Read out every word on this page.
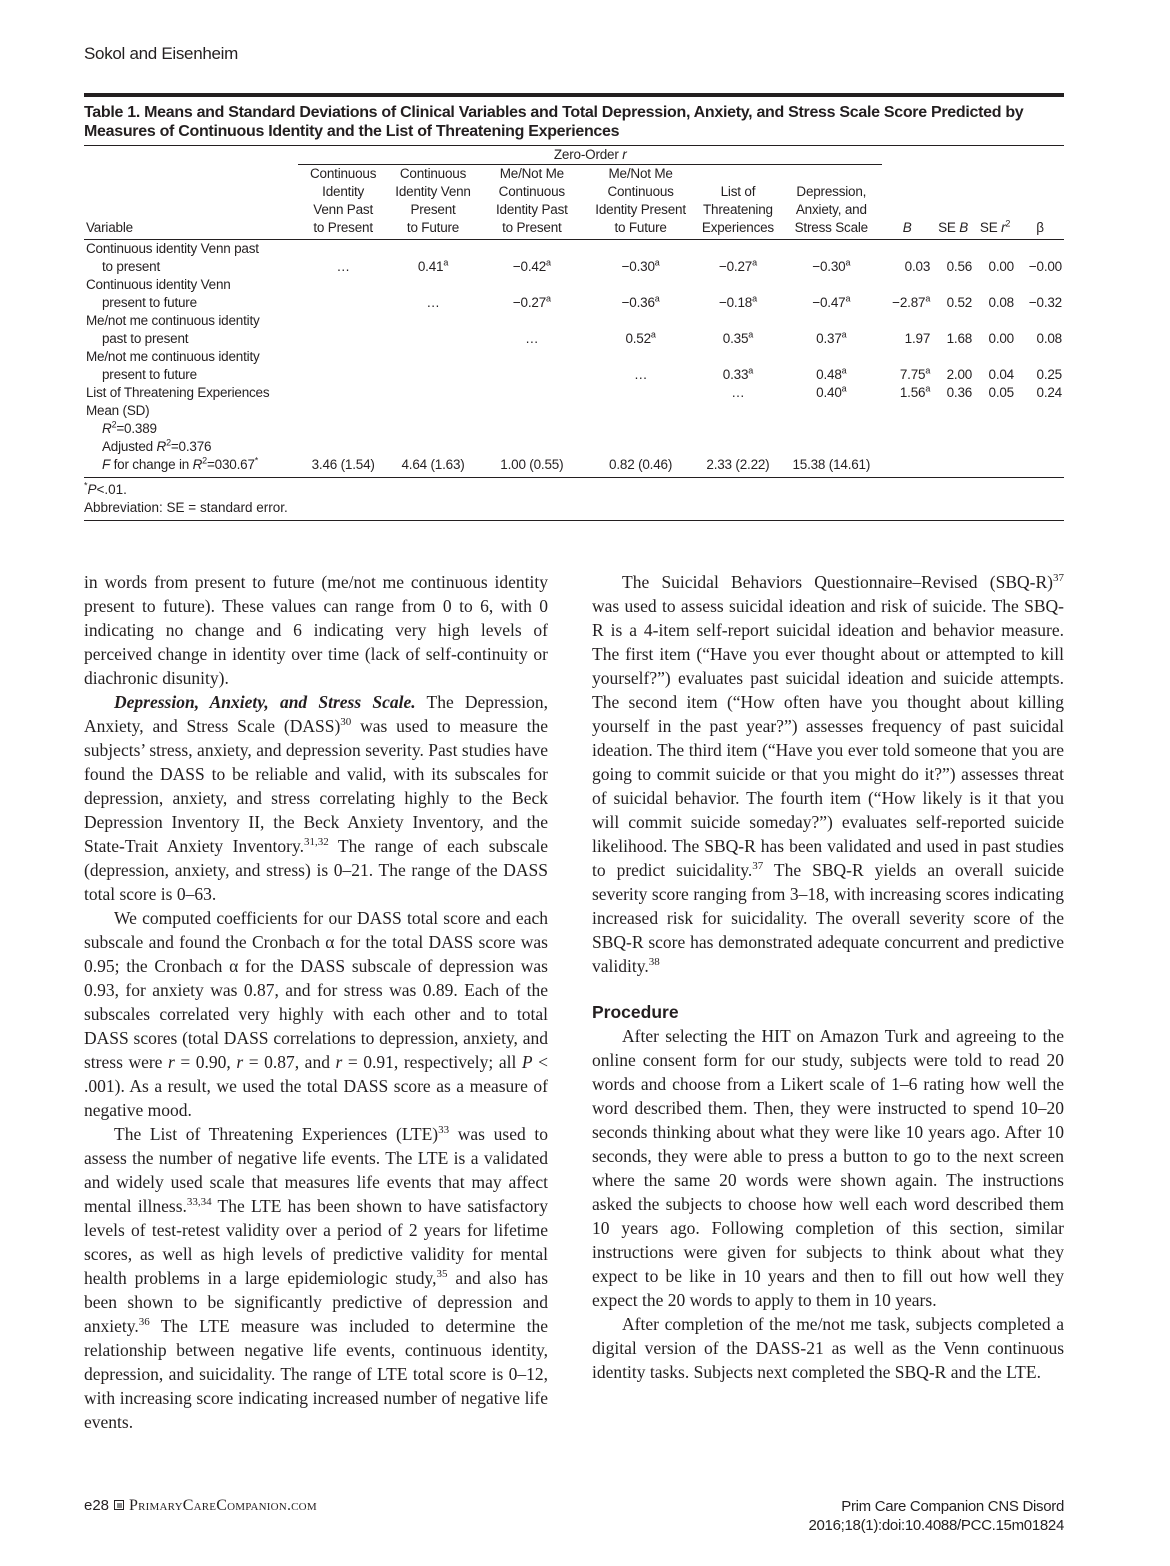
Sokol and Eisenheim
Table 1. Means and Standard Deviations of Clinical Variables and Total Depression, Anxiety, and Stress Scale Score Predicted by Measures of Continuous Identity and the List of Threatening Experiences
	Zero-Order r									
Variable	Continuous
Identity
Venn Past
to Present	Continuous
Identity Venn
Present
to Future	Me/Not Me
Continuous
Identity Past
to Present	Me/Not Me
Continuous
Identity Present
to Future	List of
Threatening
Experiences	Depression,
Anxiety, and
Stress Scale	B	SE B	SE $r^2$	β
Continuous identity Venn past
to present	…	0.41$^a$	−0.42$^a$	−0.30$^a$	−0.27$^a$	−0.30$^a$	0.03	0.56	0.00	−0.00
Continuous identity Venn
present to future		…	−0.27$^a$	−0.36$^a$	−0.18$^a$	−0.47$^a$	−2.87$^a$	0.52	0.08	−0.32
Me/not me continuous identity
past to present			…	0.52$^a$	0.35$^a$	0.37$^a$	1.97	1.68	0.00	0.08
Me/not me continuous identity
present to future				…	0.33$^a$	0.48$^a$	7.75$^a$	2.00	0.04	0.25
List of Threatening Experiences					…	0.40$^a$	1.56$^a$	0.36	0.05	0.24
Mean (SD)
$R^2=0.389$
Adjusted $R^2=0.376$
F for change in $R^2=030.67^*$	3.46 (1.54)	4.64 (1.63)	1.00 (0.55)	0.82 (0.46)	2.33 (2.22)	15.38 (14.61)				
*P<.01.
Abbreviation: SE = standard error.

in words from present to future (me/not me continuous identity present to future). These values can range from 0 to 6, with 0 indicating no change and 6 indicating very high levels of perceived change in identity over time (lack of self-continuity or diachronic disunity).

Depression, Anxiety, and Stress Scale. The Depression, Anxiety, and Stress Scale (DASS)$^{30}$ was used to measure the subjects’ stress, anxiety, and depression severity. Past studies have found the DASS to be reliable and valid, with its subscales for depression, anxiety, and stress correlating highly to the Beck Depression Inventory II, the Beck Anxiety Inventory, and the State-Trait Anxiety Inventory.$^{31,32}$ The range of each subscale (depression, anxiety, and stress) is 0–21. The range of the DASS total score is 0–63.

We computed coefficients for our DASS total score and each subscale and found the Cronbach α for the total DASS score was 0.95; the Cronbach α for the DASS subscale of depression was 0.93, for anxiety was 0.87, and for stress was 0.89. Each of the subscales correlated very highly with each other and to total DASS scores (total DASS correlations to depression, anxiety, and stress were r = 0.90, r = 0.87, and r = 0.91, respectively; all P < .001). As a result, we used the total DASS score as a measure of negative mood.

The List of Threatening Experiences (LTE)$^{33}$ was used to assess the number of negative life events. The LTE is a validated and widely used scale that measures life events that may affect mental illness.$^{33,34}$ The LTE has been shown to have satisfactory levels of test-retest validity over a period of 2 years for lifetime scores, as well as high levels of predictive validity for mental health problems in a large epidemiologic study,$^{35}$ and also has been shown to be significantly predictive of depression and anxiety.$^{36}$ The LTE measure was included to determine the relationship between negative life events, continuous identity, depression, and suicidality. The range of LTE total score is 0–12, with increasing score indicating increased number of negative life events.

The Suicidal Behaviors Questionnaire–Revised $(SBQ-R)^{37}$ was used to assess suicidal ideation and risk of suicide. The SBQ-R is a 4-item self-report suicidal ideation and behavior measure. The first item (“Have you ever thought about or attempted to kill yourself?”) evaluates past suicidal ideation and suicide attempts. The second item (“How often have you thought about killing yourself in the past year?”) assesses frequency of past suicidal ideation. The third item (“Have you ever told someone that you are going to commit suicide or that you might do it?”) assesses threat of suicidal behavior. The fourth item (“How likely is it that you will commit suicide someday?”) evaluates self-reported suicide likelihood. The SBQ-R has been validated and used in past studies to predict suicidality.$^{37}$ The SBQ-R yields an overall suicide severity score ranging from 3–18, with increasing scores indicating increased risk for suicidality. The overall severity score of the SBQ-R score has demonstrated adequate concurrent and predictive validity.$^{38}$

Procedure

After selecting the HIT on Amazon Turk and agreeing to the online consent form for our study, subjects were told to read 20 words and choose from a Likert scale of 1–6 rating how well the word described them. Then, they were instructed to spend 10–20 seconds thinking about what they were like 10 years ago. After 10 seconds, they were able to press a button to go to the next screen where the same 20 words were shown again. The instructions asked the subjects to choose how well each word described them 10 years ago. Following completion of this section, similar instructions were given for subjects to think about what they expect to be like in 10 years and then to fill out how well they expect the 20 words to apply to them in 10 years.

After completion of the me/not me task, subjects completed a digital version of the DASS-21 as well as the Venn continuous identity tasks. Subjects next completed the SBQ-R and the LTE.

e28 PrimaryCareCompanion.com	Prim Care Companion CNS Disord
2016;18(1):doi:10.4088/PCC.15m01824
